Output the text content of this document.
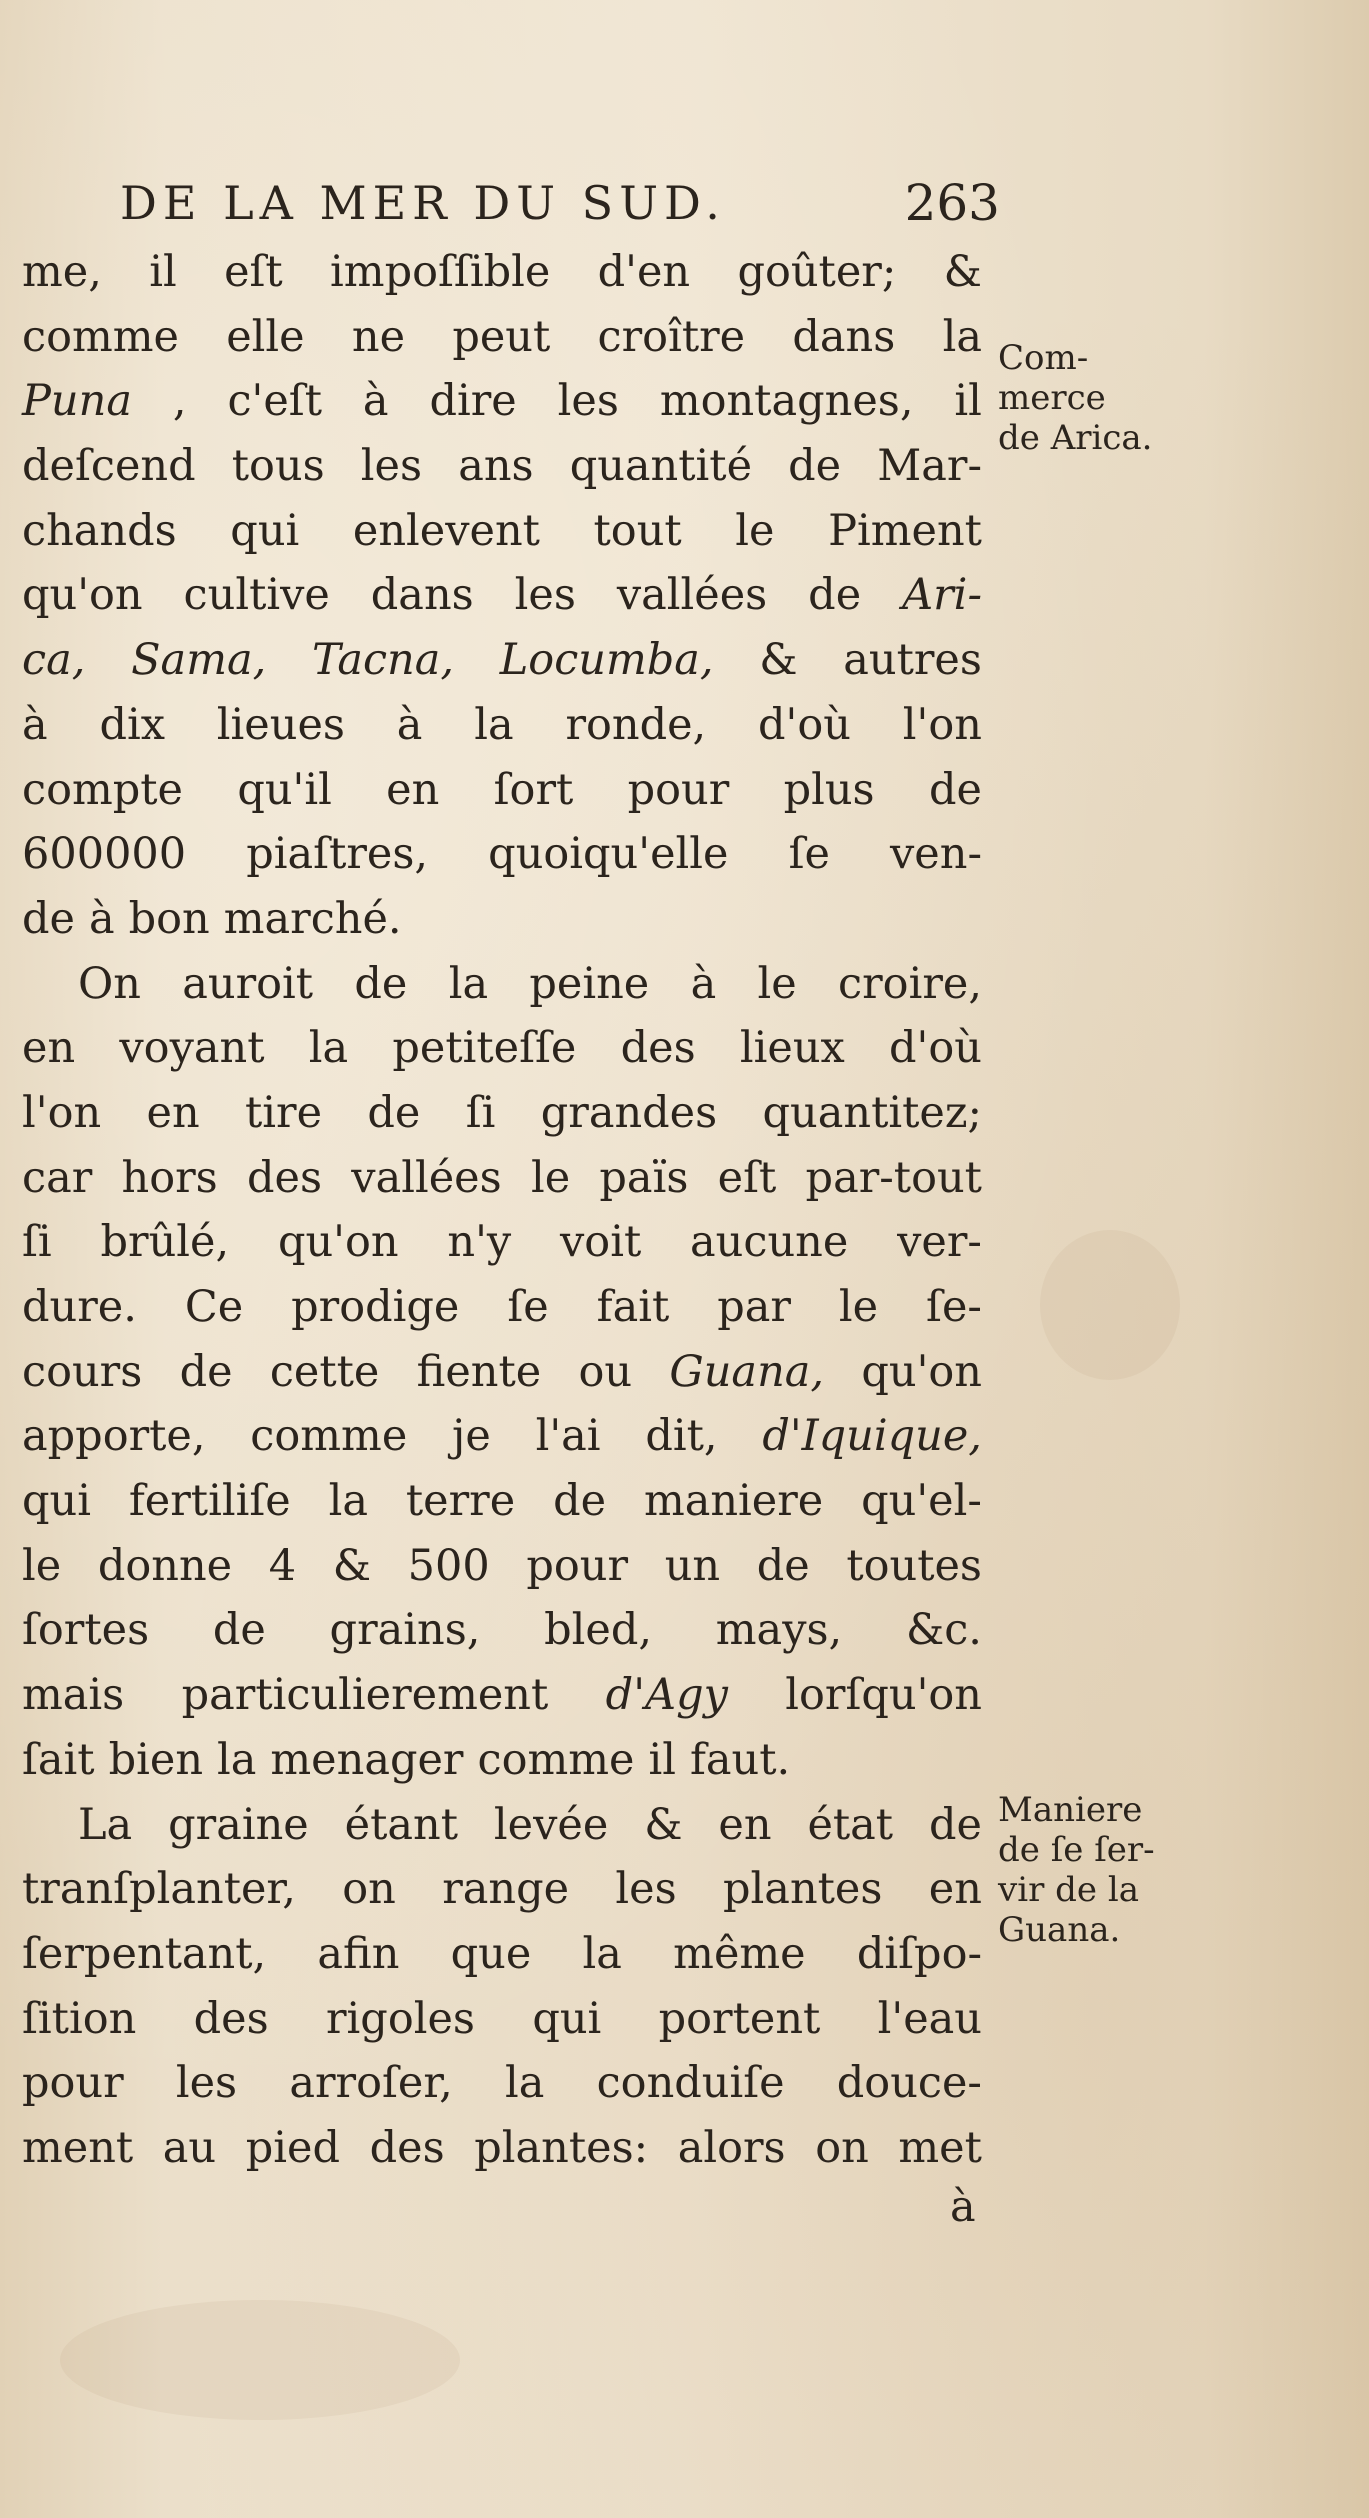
DE LA MER DU SUD.	263
me, il eſt impoſſible d'en goûter; &
comme elle ne peut croître dans la
Puna , c'eſt à dire les montagnes, il
deſcend tous les ans quantité de Mar-
chands qui enlevent tout le Piment
qu'on cultive dans les vallées de Ari-
ca, Sama, Tacna, Locumba, & autres
à dix lieues à la ronde, d'où l'on
compte qu'il en ſort pour plus de
600000 piaſtres, quoiqu'elle ſe ven-
de à bon marché.
On auroit de la peine à le croire,
en voyant la petiteſſe des lieux d'où
l'on en tire de ſi grandes quantitez;
car hors des vallées le païs eſt par-tout
ſi brûlé, qu'on n'y voit aucune ver-
dure. Ce prodige ſe fait par le ſe-
cours de cette fiente ou Guana, qu'on
apporte, comme je l'ai dit, d'Iquique,
qui fertiliſe la terre de maniere qu'el-
le donne 4 & 500 pour un de toutes
ſortes de grains, bled, mays, &c.
mais particulierement d'Agy lorſqu'on
ſait bien la menager comme il faut.
La graine étant levée & en état de
tranſplanter, on range les plantes en
ſerpentant, afin que la même diſpo-
ſition des rigoles qui portent l'eau
pour les arroſer, la conduiſe douce-
ment au pied des plantes: alors on met
à
Com-
merce
de Arica.
Maniere
de ſe ſer-
vir de la
Guana.
